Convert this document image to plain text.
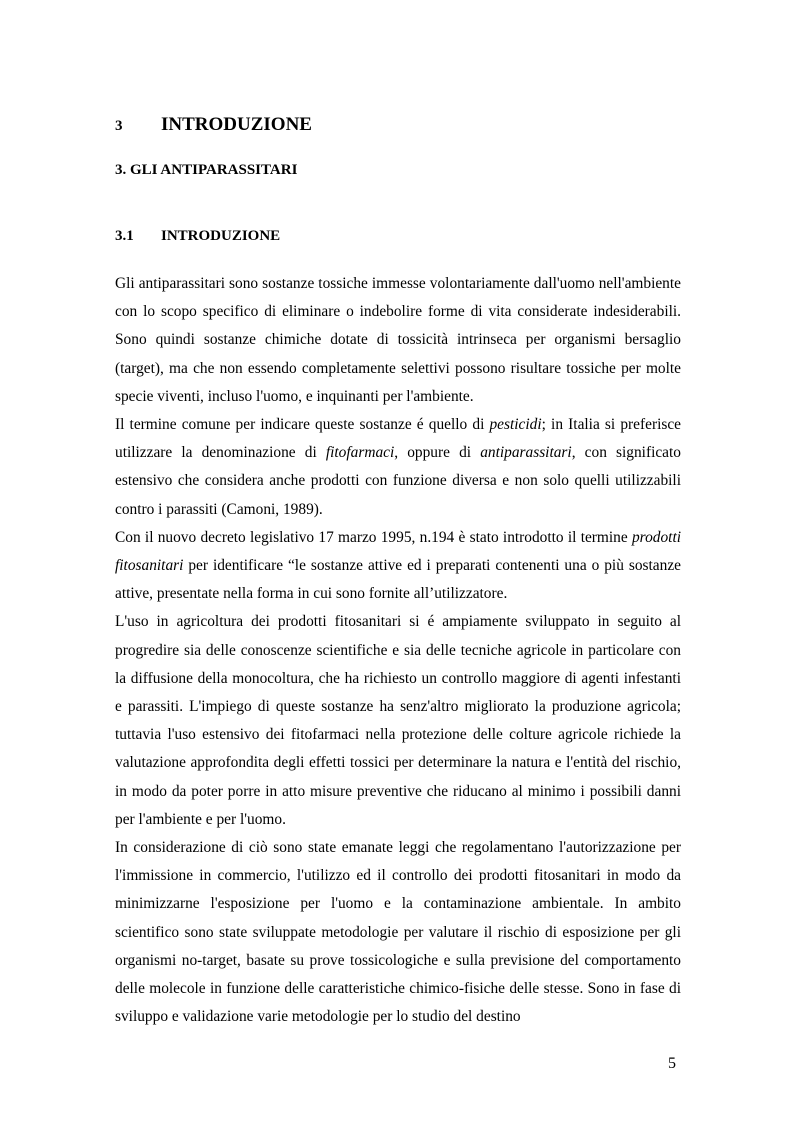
3 INTRODUZIONE
3. GLI ANTIPARASSITARI
3.1 INTRODUZIONE

Gli antiparassitari sono sostanze tossiche immesse volontariamente dall'uomo nell'ambiente con lo scopo specifico di eliminare o indebolire forme di vita considerate indesiderabili. Sono quindi sostanze chimiche dotate di tossicità intrinseca per organismi bersaglio (target), ma che non essendo completamente selettivi possono risultare tossiche per molte specie viventi, incluso l'uomo, e inquinanti per l'ambiente.

Il termine comune per indicare queste sostanze é quello di pesticidi; in Italia si preferisce utilizzare la denominazione di fitofarmaci, oppure di antiparassitari, con significato estensivo che considera anche prodotti con funzione diversa e non solo quelli utilizzabili contro i parassiti (Camoni, 1989).

Con il nuovo decreto legislativo 17 marzo 1995, n.194 è stato introdotto il termine prodotti fitosanitari per identificare “le sostanze attive ed i preparati contenenti una o più sostanze attive, presentate nella forma in cui sono fornite all’utilizzatore.

L'uso in agricoltura dei prodotti fitosanitari si é ampiamente sviluppato in seguito al progredire sia delle conoscenze scientifiche e sia delle tecniche agricole in particolare con la diffusione della monocoltura, che ha richiesto un controllo maggiore di agenti infestanti e parassiti. L'impiego di queste sostanze ha senz'altro migliorato la produzione agricola; tuttavia l'uso estensivo dei fitofarmaci nella protezione delle colture agricole richiede la valutazione approfondita degli effetti tossici per determinare la natura e l'entità del rischio, in modo da poter porre in atto misure preventive che riducano al minimo i possibili danni per l'ambiente e per l'uomo.

In considerazione di ciò sono state emanate leggi che regolamentano l'autorizzazione per l'immissione in commercio, l'utilizzo ed il controllo dei prodotti fitosanitari in modo da minimizzarne l'esposizione per l'uomo e la contaminazione ambientale. In ambito scientifico sono state sviluppate metodologie per valutare il rischio di esposizione per gli organismi no-target, basate su prove tossicologiche e sulla previsione del comportamento delle molecole in funzione delle caratteristiche chimico-fisiche delle stesse. Sono in fase di sviluppo e validazione varie metodologie per lo studio del destino

5
